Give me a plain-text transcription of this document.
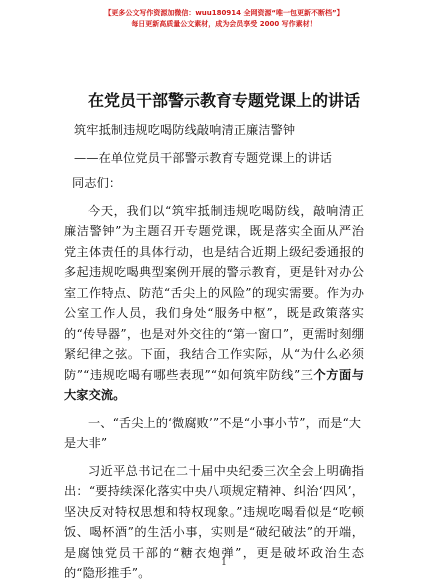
【更多公文写作资源加微信：wuu180914 全网资源“唯一包更新不断档”】
每日更新高质量公文素材，成为会员享受 2000 写作素材！
在党员干部警示教育专题党课上的讲话

筑牢抵制违规吃喝防线敲响清正廉洁警钟

——在单位党员干部警示教育专题党课上的讲话

同志们：

今天，我们以“筑牢抵制违规吃喝防线，敲响清正廉洁警钟”为主题召开专题党课，既是落实全面从严治党主体责任的具体行动，也是结合近期上级纪委通报的多起违规吃喝典型案例开展的警示教育，更是针对办公室工作特点、防范“舌尖上的风险”的现实需要。作为办公室工作人员，我们身处“服务中枢”，既是政策落实的“传导器”，也是对外交往的“第一窗口”，更需时刻绷紧纪律之弦。下面，我结合工作实际，从“为什么必须防”“违规吃喝有哪些表现”“如何筑牢防线”三个方面与大家交流。

一、“舌尖上的‘微腐败’”不是“小事小节”，而是“大是大非”

习近平总书记在二十届中央纪委三次全会上明确指出：“要持续深化落实中央八项规定精神、纠治‘四风’，坚决反对特权思想和特权现象。”违规吃喝看似是“吃顿饭、喝杯酒”的生活小事，实则是“破纪破法”的开端，是腐蚀党员干部的“糖衣炮弹”，更是破坏政治生态的“隐形推手”。

1
